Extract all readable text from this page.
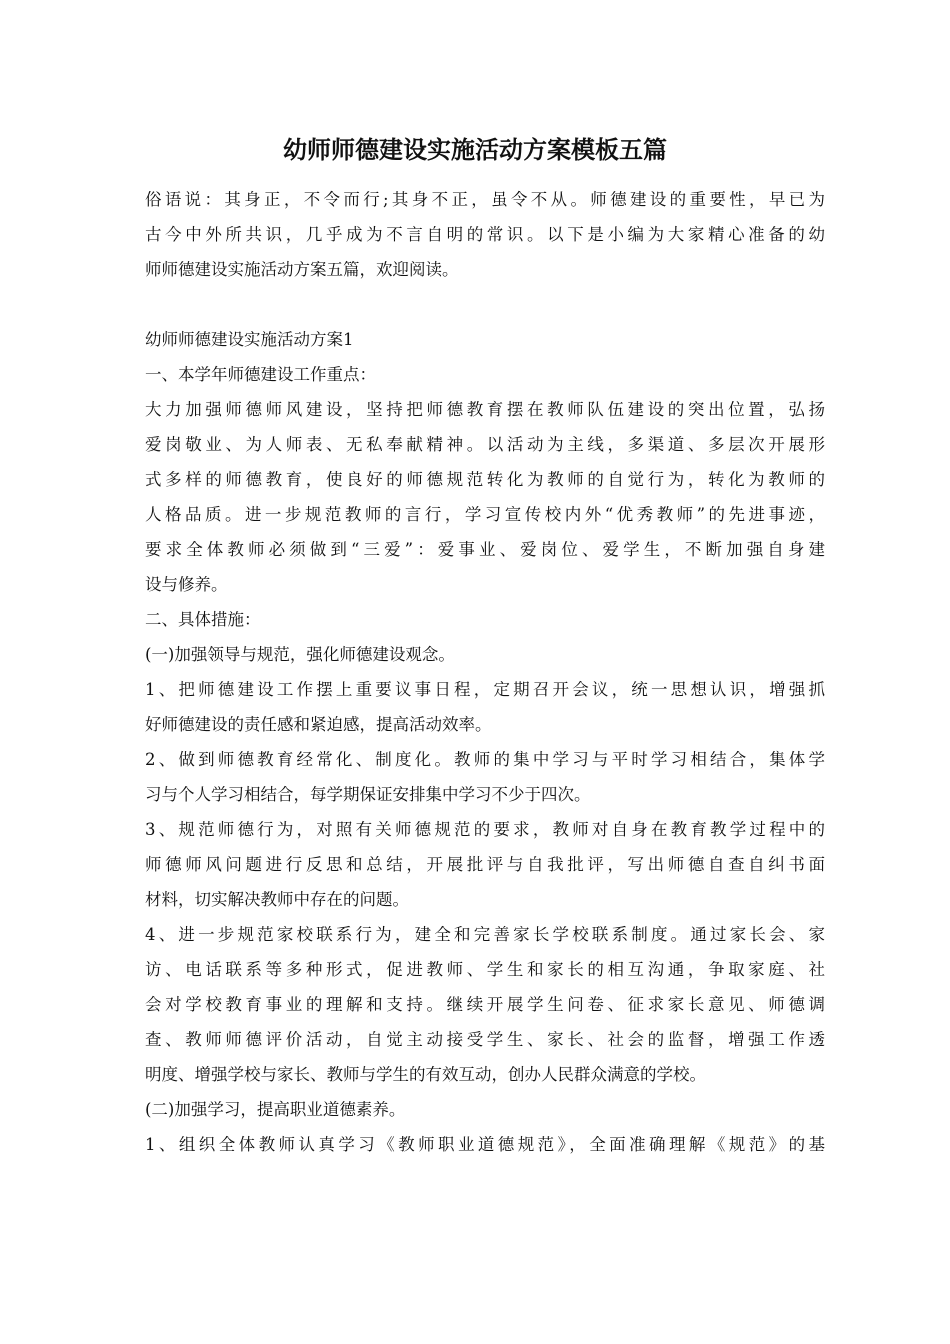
幼师师德建设实施活动方案模板五篇
俗语说：其身正，不令而行;其身不正，虽令不从。师德建设的重要性，早已为
古今中外所共识，几乎成为不言自明的常识。以下是小编为大家精心准备的幼
师师德建设实施活动方案五篇，欢迎阅读。
幼师师德建设实施活动方案1
一、本学年师德建设工作重点：
大力加强师德师风建设，坚持把师德教育摆在教师队伍建设的突出位置，弘扬
爱岗敬业、为人师表、无私奉献精神。以活动为主线，多渠道、多层次开展形
式多样的师德教育，使良好的师德规范转化为教师的自觉行为，转化为教师的
人格品质。进一步规范教师的言行，学习宣传校内外“优秀教师”的先进事迹，
要求全体教师必须做到“三爱”：爱事业、爱岗位、爱学生，不断加强自身建
设与修养。
二、具体措施：
(一)加强领导与规范，强化师德建设观念。
1、把师德建设工作摆上重要议事日程，定期召开会议，统一思想认识，增强抓
好师德建设的责任感和紧迫感，提高活动效率。
2、做到师德教育经常化、制度化。教师的集中学习与平时学习相结合，集体学
习与个人学习相结合，每学期保证安排集中学习不少于四次。
3、规范师德行为，对照有关师德规范的要求，教师对自身在教育教学过程中的
师德师风问题进行反思和总结，开展批评与自我批评，写出师德自查自纠书面
材料，切实解决教师中存在的问题。
4、进一步规范家校联系行为，建全和完善家长学校联系制度。通过家长会、家
访、电话联系等多种形式，促进教师、学生和家长的相互沟通，争取家庭、社
会对学校教育事业的理解和支持。继续开展学生问卷、征求家长意见、师德调
查、教师师德评价活动，自觉主动接受学生、家长、社会的监督，增强工作透
明度、增强学校与家长、教师与学生的有效互动，创办人民群众满意的学校。
(二)加强学习，提高职业道德素养。
1、组织全体教师认真学习《教师职业道德规范》，全面准确理解《规范》的基
